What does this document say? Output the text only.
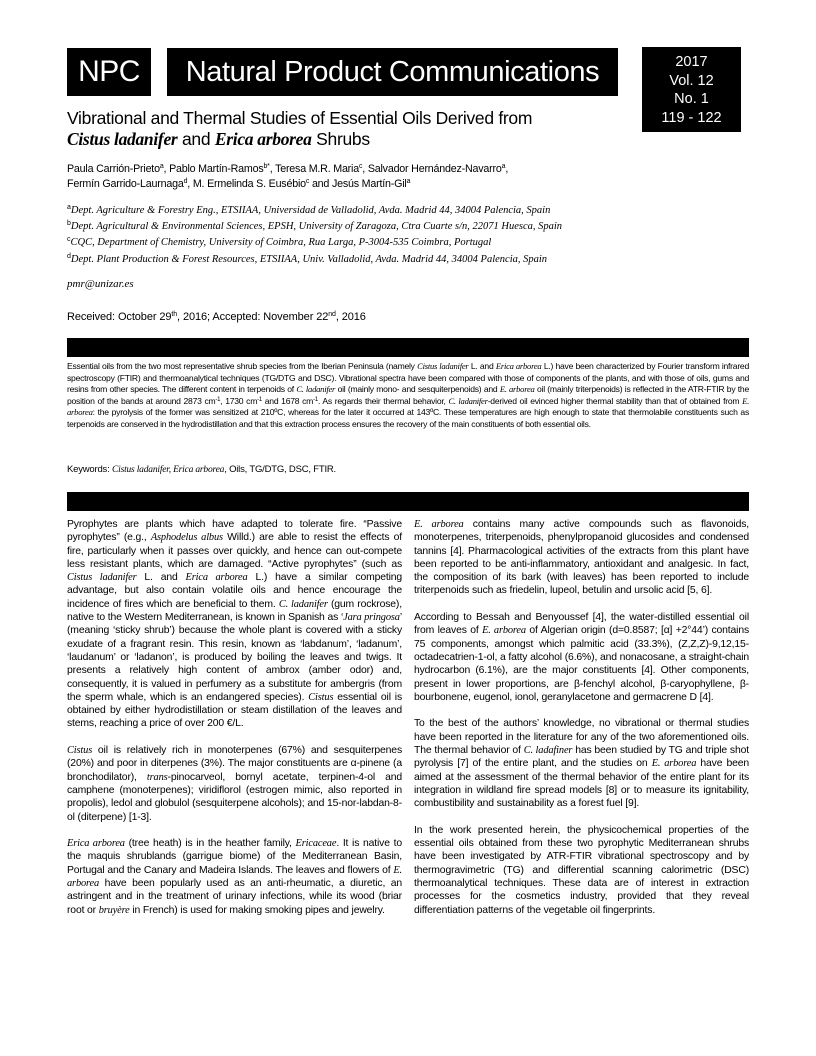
NPC	Natural Product Communications	2017
Vol. 12
No. 1
119 - 122
Vibrational and Thermal Studies of Essential Oils Derived from
Cistus ladanifer and Erica arborea Shrubs
Paula Carrión-Prieto$^a$, Pablo Martín-Ramos$^{b*}$, Teresa M.R. Maria$^c$, Salvador Hernández-Navarro$^a$,
Fermín Garrido-Laurnaga$^d$, M. Ermelinda S. Eusébio$^c$ and Jesús Martín-Gil$^a$
$^a$Dept. Agriculture & Forestry Eng., ETSIIAA, Universidad de Valladolid, Avda. Madrid 44, 34004 Palencia, Spain
$^b$Dept. Agricultural & Environmental Sciences, EPSH, University of Zaragoza, Ctra Cuarte s/n, 22071 Huesca, Spain
$^c$CQC, Department of Chemistry, University of Coimbra, Rua Larga, P-3004-535 Coimbra, Portugal
$^d$Dept. Plant Production & Forest Resources, ETSIIAA, Univ. Valladolid, Avda. Madrid 44, 34004 Palencia, Spain
pmr@unizar.es
Received: October 29th, 2016; Accepted: November 22nd, 2016
Essential oils from the two most representative shrub species from the Iberian Peninsula (namely Cistus ladanifer L. and Erica arborea L.) have been characterized by Fourier transform infrared spectroscopy (FTIR) and thermoanalytical techniques (TG/DTG and DSC). Vibrational spectra have been compared with those of components of the plants, and with those of oils, gums and resins from other species. The different content in terpenoids of C. ladanifer oil (mainly mono- and sesquiterpenoids) and E. arborea oil (mainly triterpenoids) is reflected in the ATR-FTIR by the position of the bands at around 2873 $cm^{-1}$, 1730 $cm^{-1}$ and 1678 $cm^{-1}$. As regards their thermal behavior, C. ladanifer-derived oil evinced higher thermal stability than that of obtained from E. arborea: the pyrolysis of the former was sensitized at 210ºC, whereas for the later it occurred at 143ºC. These temperatures are high enough to state that thermolabile constituents such as terpenoids are conserved in the hydrodistillation and that this extraction process ensures the recovery of the main constituents of both essential oils.
Keywords: Cistus ladanifer, Erica arborea, Oils, TG/DTG, DSC, FTIR.

Pyrophytes are plants which have adapted to tolerate fire. “Passive pyrophytes” (e.g., Asphodelus albus Willd.) are able to resist the effects of fire, particularly when it passes over quickly, and hence can out-compete less resistant plants, which are damaged. “Active pyrophytes” (such as Cistus ladanifer L. and Erica arborea L.) have a similar competing advantage, but also contain volatile oils and hence encourage the incidence of fires which are beneficial to them. C. ladanifer (gum rockrose), native to the Western Mediterranean, is known in Spanish as ‘Jara pringosa’ (meaning ‘sticky shrub’) because the whole plant is covered with a sticky exudate of a fragrant resin. This resin, known as ‘labdanum’, ‘ladanum’, ‘laudanum’ or ‘ladanon’, is produced by boiling the leaves and twigs. It presents a relatively high content of ambrox (amber odor) and, consequently, it is valued in perfumery as a substitute for ambergris (from the sperm whale, which is an endangered species). Cistus essential oil is obtained by either hydrodistillation or steam distillation of the leaves and stems, reaching a price of over 200 €/L.

Cistus oil is relatively rich in monoterpenes (67%) and sesquiterpenes (20%) and poor in diterpenes (3%). The major constituents are α-pinene (a bronchodilator), trans-pinocarveol, bornyl acetate, terpinen-4-ol and camphene (monoterpenes); viridiflorol (estrogen mimic, also reported in propolis), ledol and globulol (sesquiterpene alcohols); and 15-nor-labdan-8-ol (diterpene) [1-3].

Erica arborea (tree heath) is in the heather family, Ericaceae. It is native to the maquis shrublands (garrigue biome) of the Mediterranean Basin, Portugal and the Canary and Madeira Islands. The leaves and flowers of E. arborea have been popularly used as an anti-rheumatic, a diuretic, an astringent and in the treatment of urinary infections, while its wood (briar root or bruyère in French) is used for making smoking pipes and jewelry.

E. arborea contains many active compounds such as flavonoids, monoterpenes, triterpenoids, phenylpropanoid glucosides and condensed tannins [4]. Pharmacological activities of the extracts from this plant have been reported to be anti-inflammatory, antioxidant and analgesic. In fact, the composition of its bark (with leaves) has been reported to include triterpenoids such as friedelin, lupeol, betulin and ursolic acid [5, 6].

According to Bessah and Benyoussef [4], the water-distilled essential oil from leaves of E. arborea of Algerian origin (d=0.8587; [α] +2°44’) contains 75 components, amongst which palmitic acid (33.3%), (Z,Z,Z)-9,12,15-octadecatrien-1-ol, a fatty alcohol (6.6%), and nonacosane, a straight-chain hydrocarbon (6.1%), are the major constituents [4]. Other components, present in lower proportions, are β-fenchyl alcohol, β-caryophyllene, β-bourbonene, eugenol, ionol, geranylacetone and germacrene D [4].

To the best of the authors’ knowledge, no vibrational or thermal studies have been reported in the literature for any of the two aforementioned oils. The thermal behavior of C. ladafiner has been studied by TG and triple shot pyrolysis [7] of the entire plant, and the studies on E. arborea have been aimed at the assessment of the thermal behavior of the entire plant for its integration in wildland fire spread models [8] or to measure its ignitability, combustibility and sustainability as a forest fuel [9].

In the work presented herein, the physicochemical properties of the essential oils obtained from these two pyrophytic Mediterranean shrubs have been investigated by ATR-FTIR vibrational spectroscopy and by thermogravimetric (TG) and differential scanning calorimetric (DSC) thermoanalytical techniques. These data are of interest in extraction processes for the cosmetics industry, provided that they reveal differentiation patterns of the vegetable oil fingerprints.
